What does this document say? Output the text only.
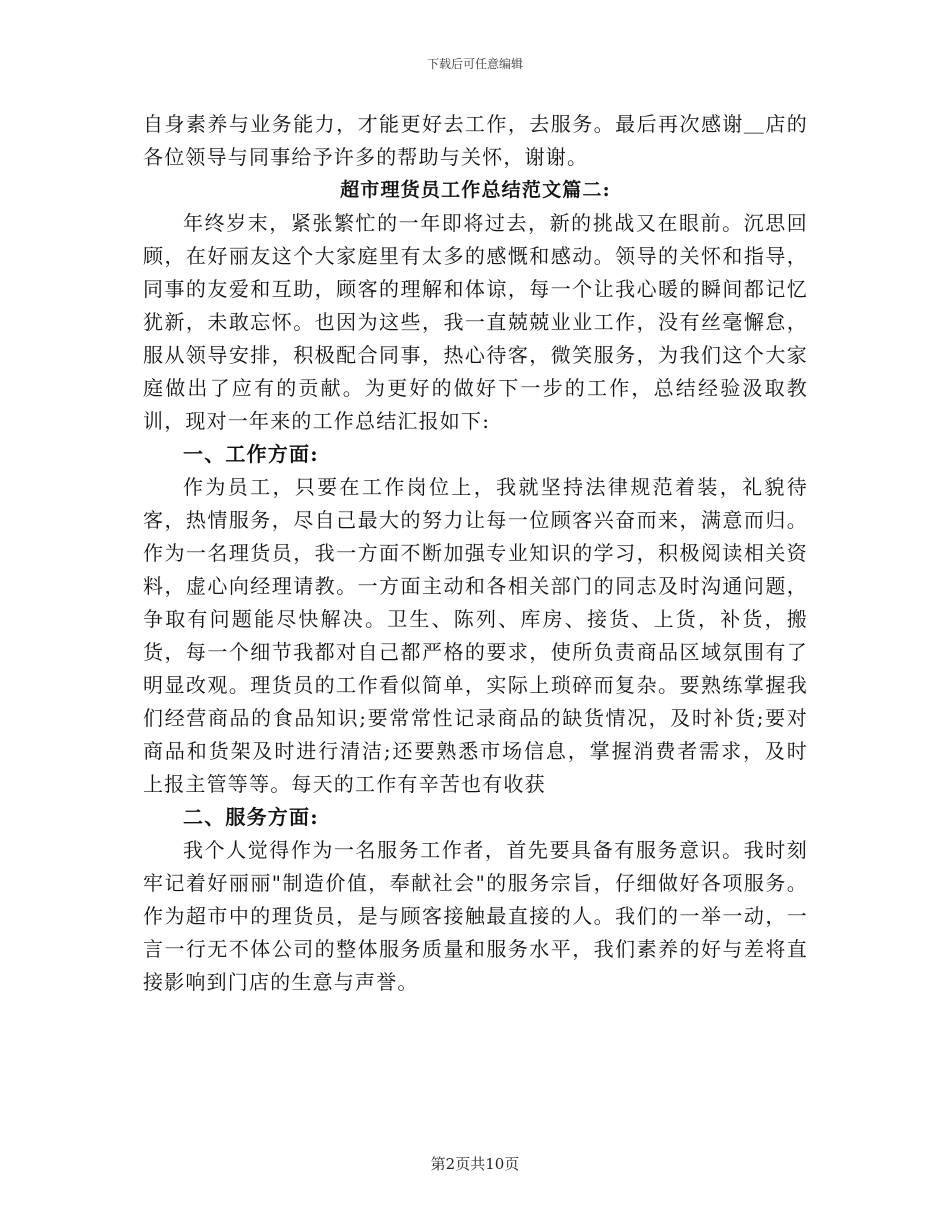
下载后可任意编辑

自身素养与业务能力，才能更好去工作，去服务。最后再次感谢＿店的各位领导与同事给予许多的帮助与关怀，谢谢。

超市理货员工作总结范文篇二:

年终岁末，紧张繁忙的一年即将过去，新的挑战又在眼前。沉思回顾，在好丽友这个大家庭里有太多的感慨和感动。领导的关怀和指导，同事的友爱和互助，顾客的理解和体谅，每一个让我心暖的瞬间都记忆犹新，未敢忘怀。也因为这些，我一直兢兢业业工作，没有丝毫懈怠，服从领导安排，积极配合同事，热心待客，微笑服务，为我们这个大家庭做出了应有的贡献。为更好的做好下一步的工作，总结经验汲取教训，现对一年来的工作总结汇报如下:

一、工作方面:

作为员工，只要在工作岗位上，我就坚持法律规范着装，礼貌待客，热情服务，尽自己最大的努力让每一位顾客兴奋而来，满意而归。作为一名理货员，我一方面不断加强专业知识的学习，积极阅读相关资料，虚心向经理请教。一方面主动和各相关部门的同志及时沟通问题，争取有问题能尽快解决。卫生、陈列、库房、接货、上货，补货，搬货，每一个细节我都对自己都严格的要求，使所负责商品区域氛围有了明显改观。理货员的工作看似简单，实际上琐碎而复杂。要熟练掌握我们经营商品的食品知识;要常常性记录商品的缺货情况，及时补货;要对商品和货架及时进行清洁;还要熟悉市场信息，掌握消费者需求，及时上报主管等等。每天的工作有辛苦也有收获

二、服务方面:

我个人觉得作为一名服务工作者，首先要具备有服务意识。我时刻牢记着好丽丽"制造价值，奉献社会"的服务宗旨，仔细做好各项服务。作为超市中的理货员，是与顾客接触最直接的人。我们的一举一动，一言一行无不体公司的整体服务质量和服务水平，我们素养的好与差将直接影响到门店的生意与声誉。

第2页共10页
